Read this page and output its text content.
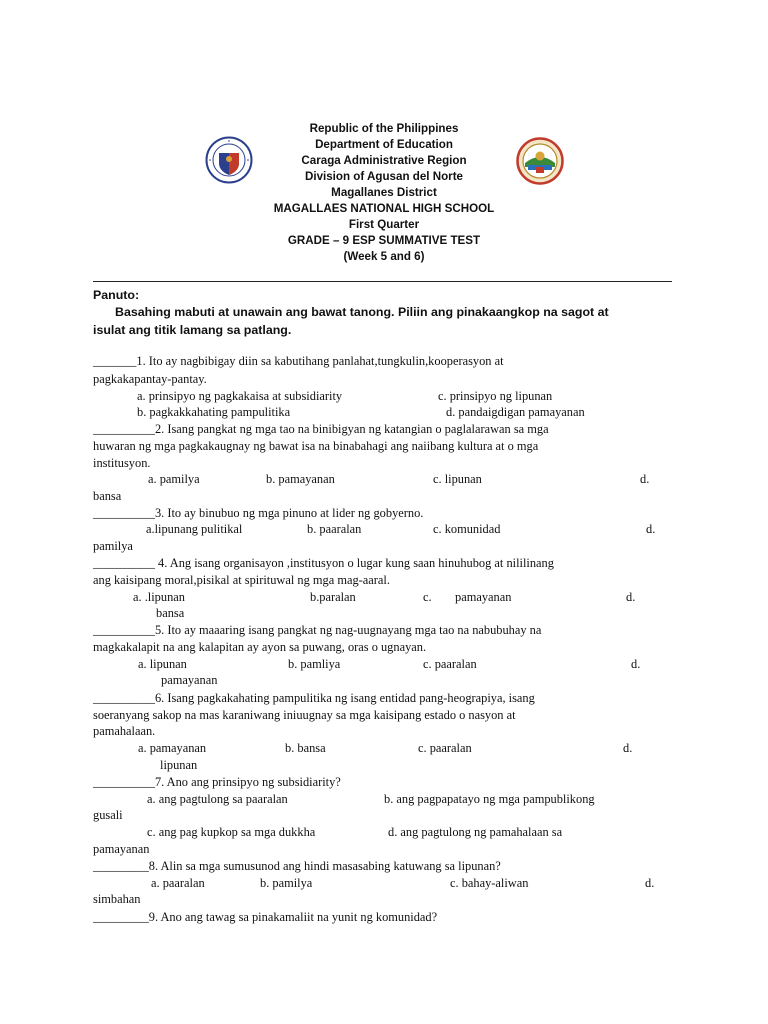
Republic of the Philippines
Department of Education
Caraga Administrative Region
Division of Agusan del Norte
Magallanes District
MAGALLAES NATIONAL HIGH SCHOOL
First Quarter
GRADE – 9 ESP SUMMATIVE TEST
(Week 5 and 6)
Panuto:
Basahing mabuti at unawain ang bawat tanong. Piliin ang pinakaangkop na sagot at
isulat ang titik lamang sa patlang.
_______1. Ito ay nagbibigay diin sa kabutihang panlahat,tungkulin,kooperasyon at
pagkakapantay-pantay.
a. prinsipyo ng pagkakaisa at subsidiarity	c. prinsipyo ng lipunan
b. pagkakkahating pampulitika	d. pandaigdigan pamayanan
__________2. Isang pangkat ng mga tao na binibigyan ng katangian o paglalarawan sa mga
huwaran ng mga pagkakaugnay ng bawat isa na binabahagi ang naiibang kultura at o mga
institusyon.
a. pamilya	b. pamayanan	c. lipunan	d.
bansa
__________3. Ito ay binubuo ng mga pinuno at lider ng gobyerno.
a.lipunang pulitikal	b. paaralan	c. komunidad	d.
pamilya
__________ 4. Ang isang organisayon ,institusyon o lugar kung saan hinuhubog at nililinang
ang kaisipang moral,pisikal at spirituwal ng mga mag-aaral.
a. .lipunan	b.paralan	c. pamayanan	d.
bansa
__________5. Ito ay maaaring isang pangkat ng nag-uugnayang mga tao na nabubuhay na
magkakalapit na ang kalapitan ay ayon sa puwang, oras o ugnayan.
a. lipunan	b. pamliya	c. paaralan	d.
pamayanan
__________6. Isang pagkakahating pampulitika ng isang entidad pang-heograpiya, isang
soeranyang sakop na mas karaniwang iniuugnay sa mga kaisipang estado o nasyon at
pamahalaan.
a. pamayanan	b. bansa	c. paaralan	d.
lipunan
__________7. Ano ang prinsipyo ng subsidiarity?
a. ang pagtulong sa paaralan	b. ang pagpapatayo ng mga pampublikong
gusali
c. ang pag kupkop sa mga dukkha	d. ang pagtulong ng pamahalaan sa
pamayanan
_________8. Alin sa mga sumusunod ang hindi masasabing katuwang sa lipunan?
a. paaralan	b. pamilya	c. bahay-aliwan	d.
simbahan
_________9. Ano ang tawag sa pinakamaliit na yunit ng komunidad?
